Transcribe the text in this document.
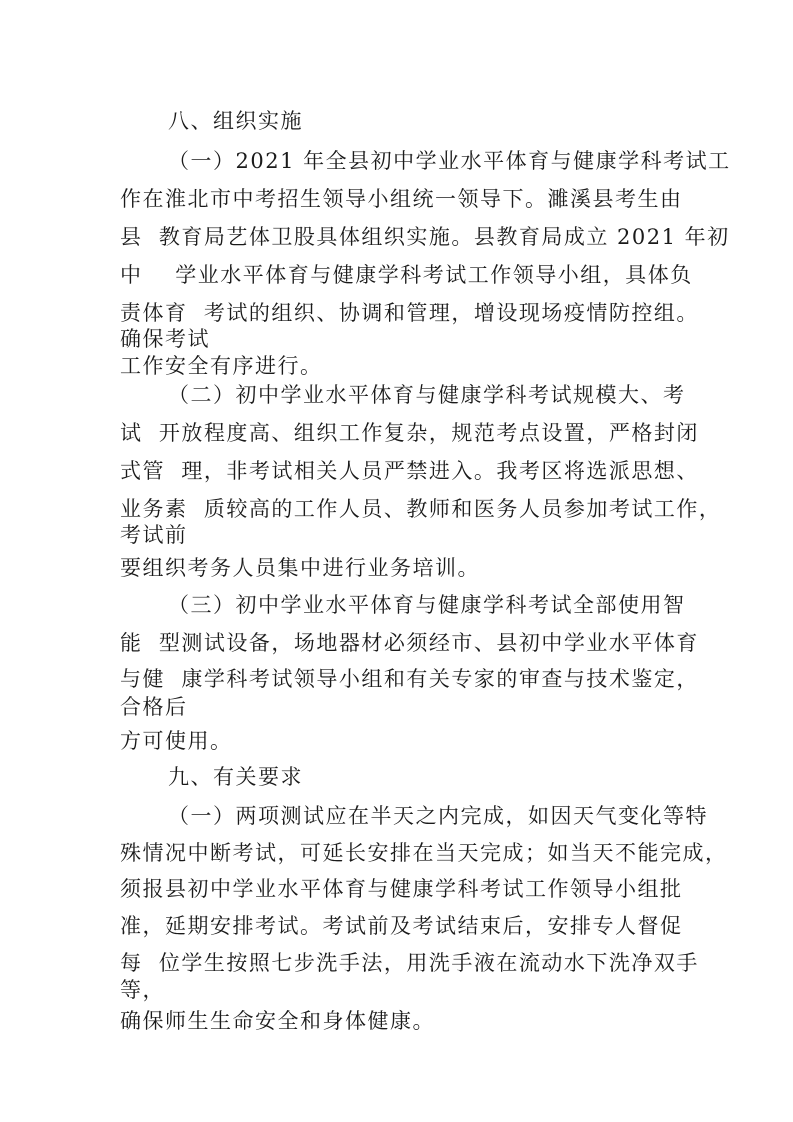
八、组织实施
（一）2021 年全县初中学业水平体育与健康学科考试工
作在淮北市中考招生领导小组统一领导下。濉溪县考生由
县  教育局艺体卫股具体组织实施。县教育局成立 2021 年初
中    学业水平体育与健康学科考试工作领导小组，具体负
责体育  考试的组织、协调和管理，增设现场疫情防控组。
确保考试
工作安全有序进行。
（二）初中学业水平体育与健康学科考试规模大、考
试  开放程度高、组织工作复杂，规范考点设置，严格封闭
式管  理，非考试相关人员严禁进入。我考区将选派思想、
业务素  质较高的工作人员、教师和医务人员参加考试工作，
考试前
要组织考务人员集中进行业务培训。
（三）初中学业水平体育与健康学科考试全部使用智
能  型测试设备，场地器材必须经市、县初中学业水平体育
与健  康学科考试领导小组和有关专家的审查与技术鉴定，
合格后
方可使用。
九、有关要求
（一）两项测试应在半天之内完成，如因天气变化等特
殊情况中断考试，可延长安排在当天完成；如当天不能完成，
须报县初中学业水平体育与健康学科考试工作领导小组批
准，延期安排考试。考试前及考试结束后，安排专人督促
每  位学生按照七步洗手法，用洗手液在流动水下洗净双手
等，
确保师生生命安全和身体健康。
